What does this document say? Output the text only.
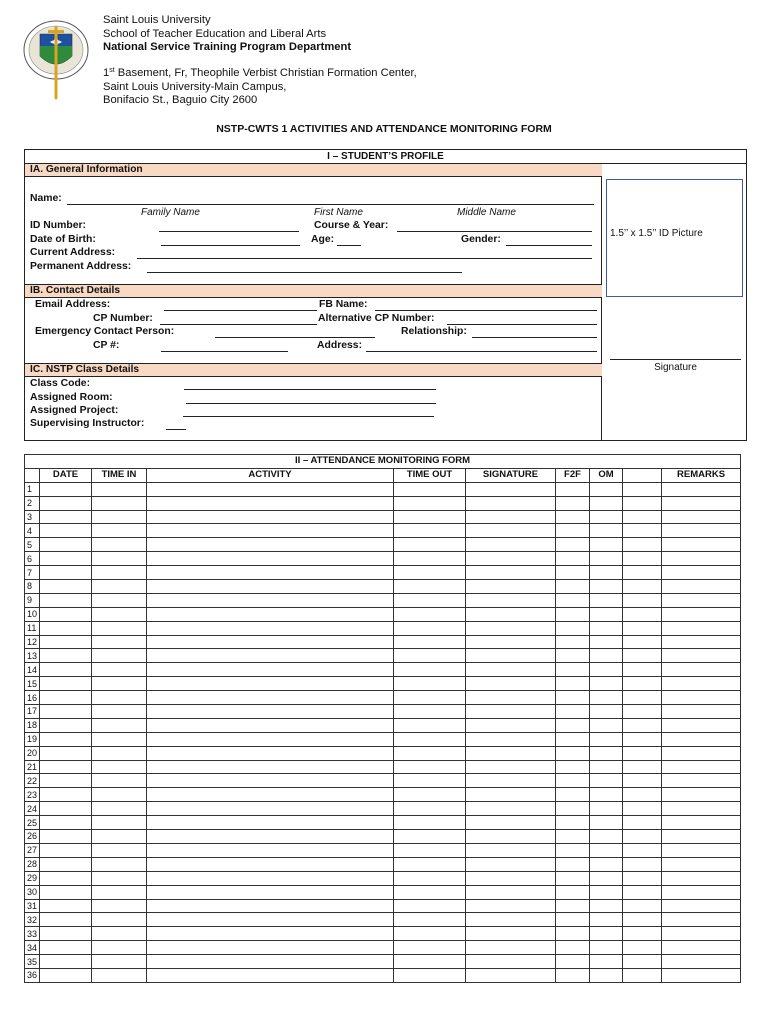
Saint Louis University
School of Teacher Education and Liberal Arts
National Service Training Program Department
1st Basement, Fr, Theophile Verbist Christian Formation Center,
Saint Louis University-Main Campus,
Bonifacio St., Baguio City 2600
NSTP-CWTS 1 ACTIVITIES AND ATTENDANCE MONITORING FORM
I – STUDENT’S PROFILE
IA. General Information
Name:
Family Name	First Name	Middle Name
ID Number:	Course & Year:
Date of Birth:	Age:	Gender:
Current Address:
Permanent Address:
IB. Contact Details
Email Address:	FB Name:
CP Number:	Alternative CP Number:
Emergency Contact Person:	Relationship:
CP #:	Address:
IC. NSTP Class Details
Class Code:
Assigned Room:
Assigned Project:
Supervising Instructor:
1.5’’ x 1.5’’ ID Picture
Signature
II – ATTENDANCE MONITORING FORM									
	DATE	TIME IN	ACTIVITY	TIME OUT	SIGNATURE	F2F	OM		REMARKS
1									
2									
3									
4									
5									
6									
7									
8									
9									
10									
11									
12									
13									
14									
15									
16									
17									
18									
19									
20									
21									
22									
23									
24									
25									
26									
27									
28									
29									
30									
31									
32									
33									
34									
35									
36									
